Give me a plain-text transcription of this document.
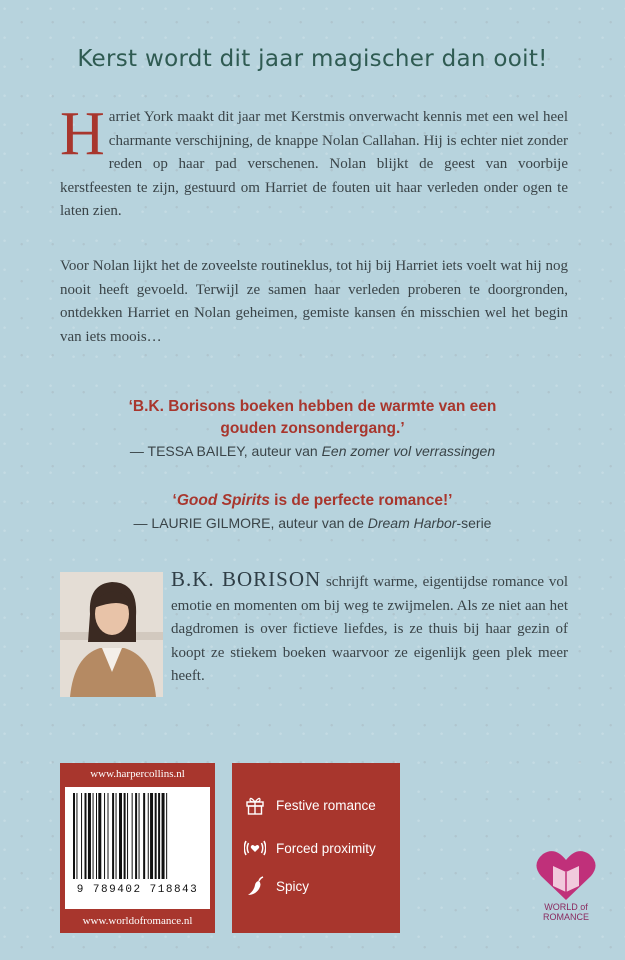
Kerst wordt dit jaar magischer dan ooit!

Harriet York maakt dit jaar met Kerstmis onverwacht kennis met een wel heel charmante verschijning, de knappe Nolan Callahan. Hij is echter niet zonder reden op haar pad verschenen. Nolan blijkt de geest van voorbije kerstfeesten te zijn, gestuurd om Harriet de fouten uit haar verleden onder ogen te laten zien.

Voor Nolan lijkt het de zoveelste routineklus, tot hij bij Harriet iets voelt wat hij nog nooit heeft gevoeld. Terwijl ze samen haar verleden proberen te doorgronden, ontdekken Harriet en Nolan geheimen, gemiste kansen én misschien wel het begin van iets moois…

‘B.K. Borisons boeken hebben de warmte van een
gouden zonsondergang.’
— TESSA BAILEY, auteur van Een zomer vol verrassingen
‘Good Spirits is de perfecte romance!’
— LAURIE GILMORE, auteur van de Dream Harbor-serie

B.K. BORISON schrijft warme, eigentijdse romance vol emotie en momenten om bij weg te zwijmelen. Als ze niet aan het dagdromen is over fictieve liefdes, is ze thuis bij haar gezin of koopt ze stiekem boeken waarvoor ze eigenlijk geen plek meer heeft.

www.harpercollins.nl
9 789402 718843
www.worldofromance.nl
Festive romance
Forced proximity
Spicy
WORLD of
ROMANCE
